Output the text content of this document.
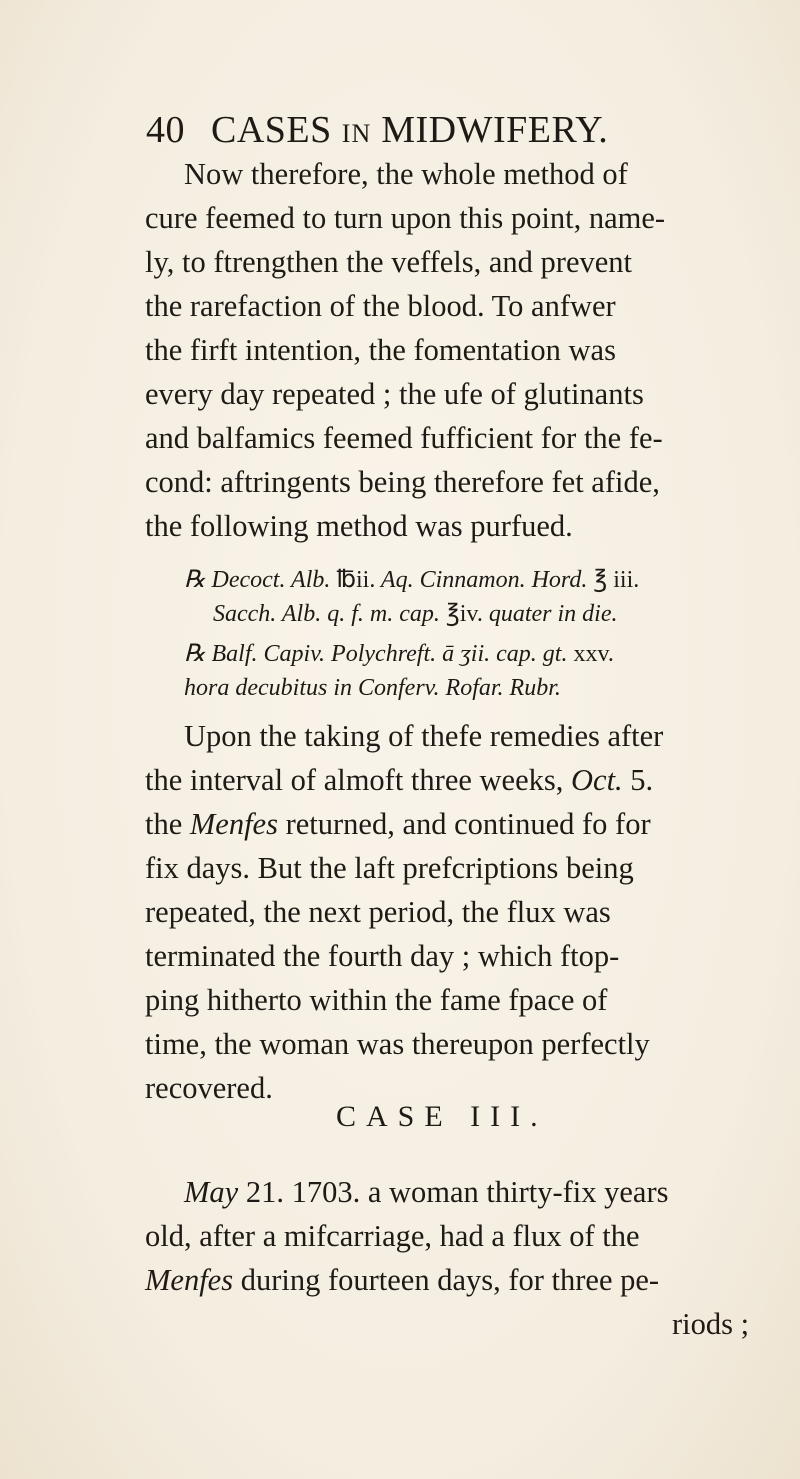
40 CASES IN MIDWIFERY.
Now therefore, the whole method of
cure feemed to turn upon this point, name-
ly, to ftrengthen the veffels, and prevent
the rarefaction of the blood. To anfwer
the firft intention, the fomentation was
every day repeated ; the ufe of glutinants
and balfamics feemed fufficient for the fe-
cond: aftringents being therefore fet afide,
the following method was purfued.
℞ Decoct. Alb. ℔ii. Aq. Cinnamon. Hord. ℥ iii.
Sacch. Alb. q. f. m. cap. ℥iv. quater in die.
℞ Balf. Capiv. Polychreft. ā ʒii. cap. gt. xxv.
hora decubitus in Conferv. Rofar. Rubr.
Upon the taking of thefe remedies after
the interval of almoft three weeks, Oct. 5.
the Menfes returned, and continued fo for
fix days. But the laft prefcriptions being
repeated, the next period, the flux was
terminated the fourth day ; which ftop-
ping hitherto within the fame fpace of
time, the woman was thereupon perfectly
recovered.
CASE III.
May 21. 1703. a woman thirty-fix years
old, after a mifcarriage, had a flux of the
Menfes during fourteen days, for three pe-
riods ;
